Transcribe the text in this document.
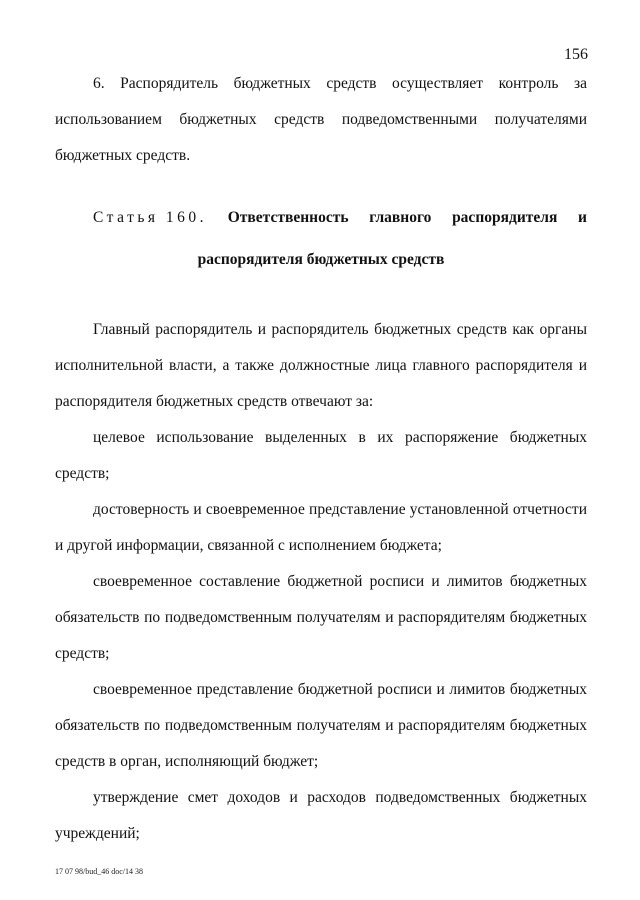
156

6. Распорядитель бюджетных средств осуществляет контроль за использованием бюджетных средств подведомственными получателями бюджетных средств.

Статья 160. Ответственность главного распорядителя и
распорядителя бюджетных средств

Главный распорядитель и распорядитель бюджетных средств как органы исполнительной власти, а также должностные лица главного распорядителя и распорядителя бюджетных средств отвечают за:

целевое использование выделенных в их распоряжение бюджетных средств;

достоверность и своевременное представление установленной отчетности и другой информации, связанной с исполнением бюджета;

своевременное составление бюджетной росписи и лимитов бюджетных обязательств по подведомственным получателям и распорядителям бюджетных средств;

своевременное представление бюджетной росписи и лимитов бюджетных обязательств по подведомственным получателям и распорядителям бюджетных средств в орган, исполняющий бюджет;

утверждение смет доходов и расходов подведомственных бюджетных учреждений;

17 07 98/bud_46 doc/14 38
